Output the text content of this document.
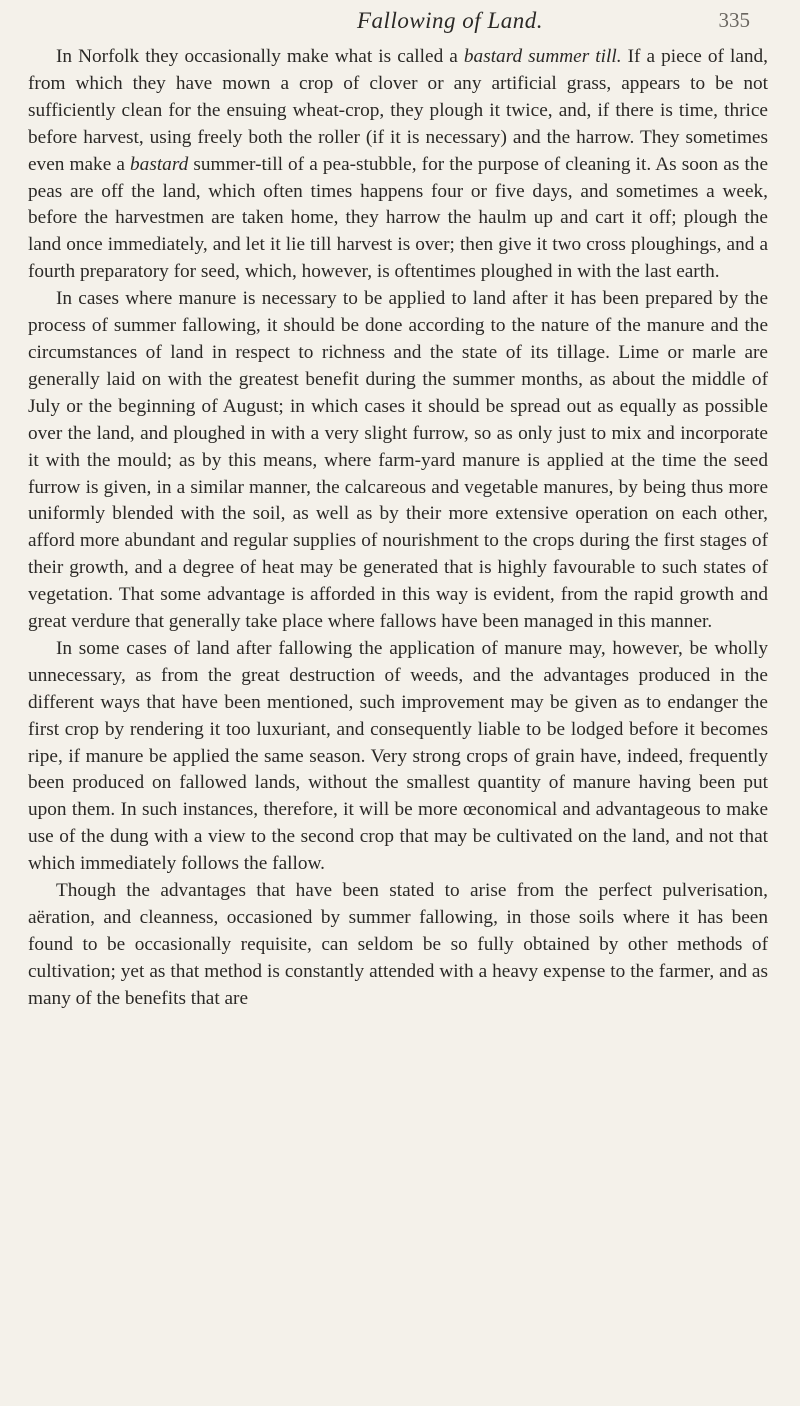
Fallowing of Land.	335

In Norfolk they occasionally make what is called a bastard summer till. If a piece of land, from which they have mown a crop of clover or any artificial grass, appears to be not sufficiently clean for the ensuing wheat-crop, they plough it twice, and, if there is time, thrice before harvest, using freely both the roller (if it is necessary) and the harrow. They sometimes even make a bastard summer-till of a pea-stubble, for the purpose of cleaning it. As soon as the peas are off the land, which often times happens four or five days, and sometimes a week, before the harvestmen are taken home, they harrow the haulm up and cart it off; plough the land once immediately, and let it lie till harvest is over; then give it two cross ploughings, and a fourth preparatory for seed, which, however, is oftentimes ploughed in with the last earth.

In cases where manure is necessary to be applied to land after it has been prepared by the process of summer fallowing, it should be done according to the nature of the manure and the circumstances of land in respect to richness and the state of its tillage. Lime or marle are generally laid on with the greatest benefit during the summer months, as about the middle of July or the beginning of August; in which cases it should be spread out as equally as possible over the land, and ploughed in with a very slight furrow, so as only just to mix and incorporate it with the mould; as by this means, where farm-yard manure is applied at the time the seed furrow is given, in a similar manner, the calcareous and vegetable manures, by being thus more uniformly blended with the soil, as well as by their more extensive operation on each other, afford more abundant and regular supplies of nourishment to the crops during the first stages of their growth, and a degree of heat may be generated that is highly favourable to such states of vegetation. That some advantage is afforded in this way is evident, from the rapid growth and great verdure that generally take place where fallows have been managed in this manner.

In some cases of land after fallowing the application of manure may, however, be wholly unnecessary, as from the great destruction of weeds, and the advantages produced in the different ways that have been mentioned, such improvement may be given as to endanger the first crop by rendering it too luxuriant, and consequently liable to be lodged before it becomes ripe, if manure be applied the same season. Very strong crops of grain have, indeed, frequently been produced on fallowed lands, without the smallest quantity of manure having been put upon them. In such instances, therefore, it will be more œconomical and advantageous to make use of the dung with a view to the second crop that may be cultivated on the land, and not that which immediately follows the fallow.

Though the advantages that have been stated to arise from the perfect pulverisation, aëration, and cleanness, occasioned by summer fallowing, in those soils where it has been found to be occasionally requisite, can seldom be so fully obtained by other methods of cultivation; yet as that method is constantly attended with a heavy expense to the farmer, and as many of the benefits that are
